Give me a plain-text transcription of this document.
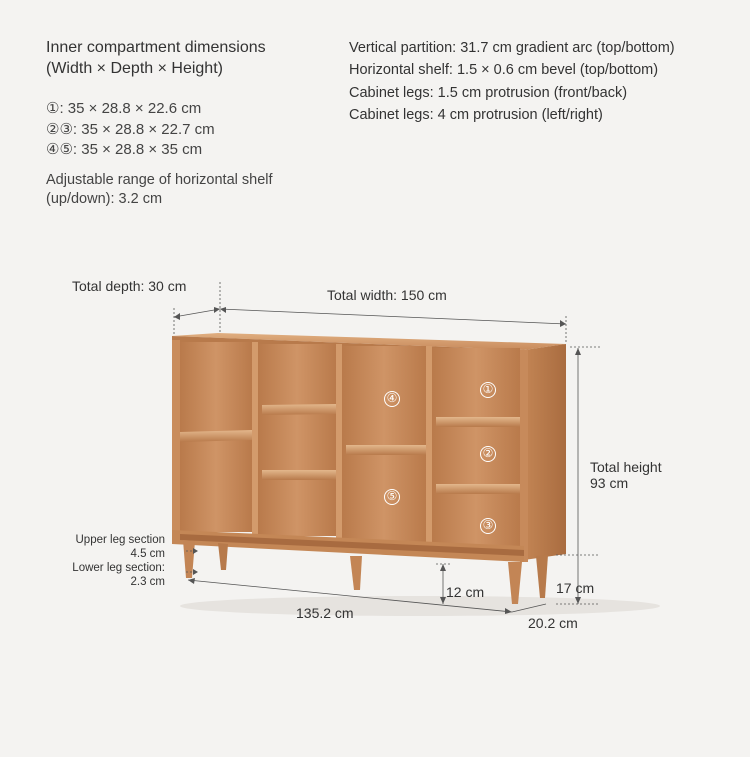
Inner compartment dimensions
(Width × Depth × Height)
①: 35 × 28.8 × 22.6 cm
②③: 35 × 28.8 × 22.7 cm
④⑤: 35 × 28.8 × 35 cm
Adjustable range of horizontal shelf
(up/down): 3.2 cm
Vertical partition: 31.7 cm gradient arc (top/bottom)
Horizontal shelf: 1.5 × 0.6 cm bevel (top/bottom)
Cabinet legs: 1.5 cm protrusion (front/back)
Cabinet legs: 4 cm protrusion (left/right)
Total depth: 30 cm
Total width: 150 cm
Total height
93 cm
Upper leg section
4.5 cm
Lower leg section:
2.3 cm
135.2 cm
12 cm	17 cm
20.2 cm
④
⑤
①
②
③
